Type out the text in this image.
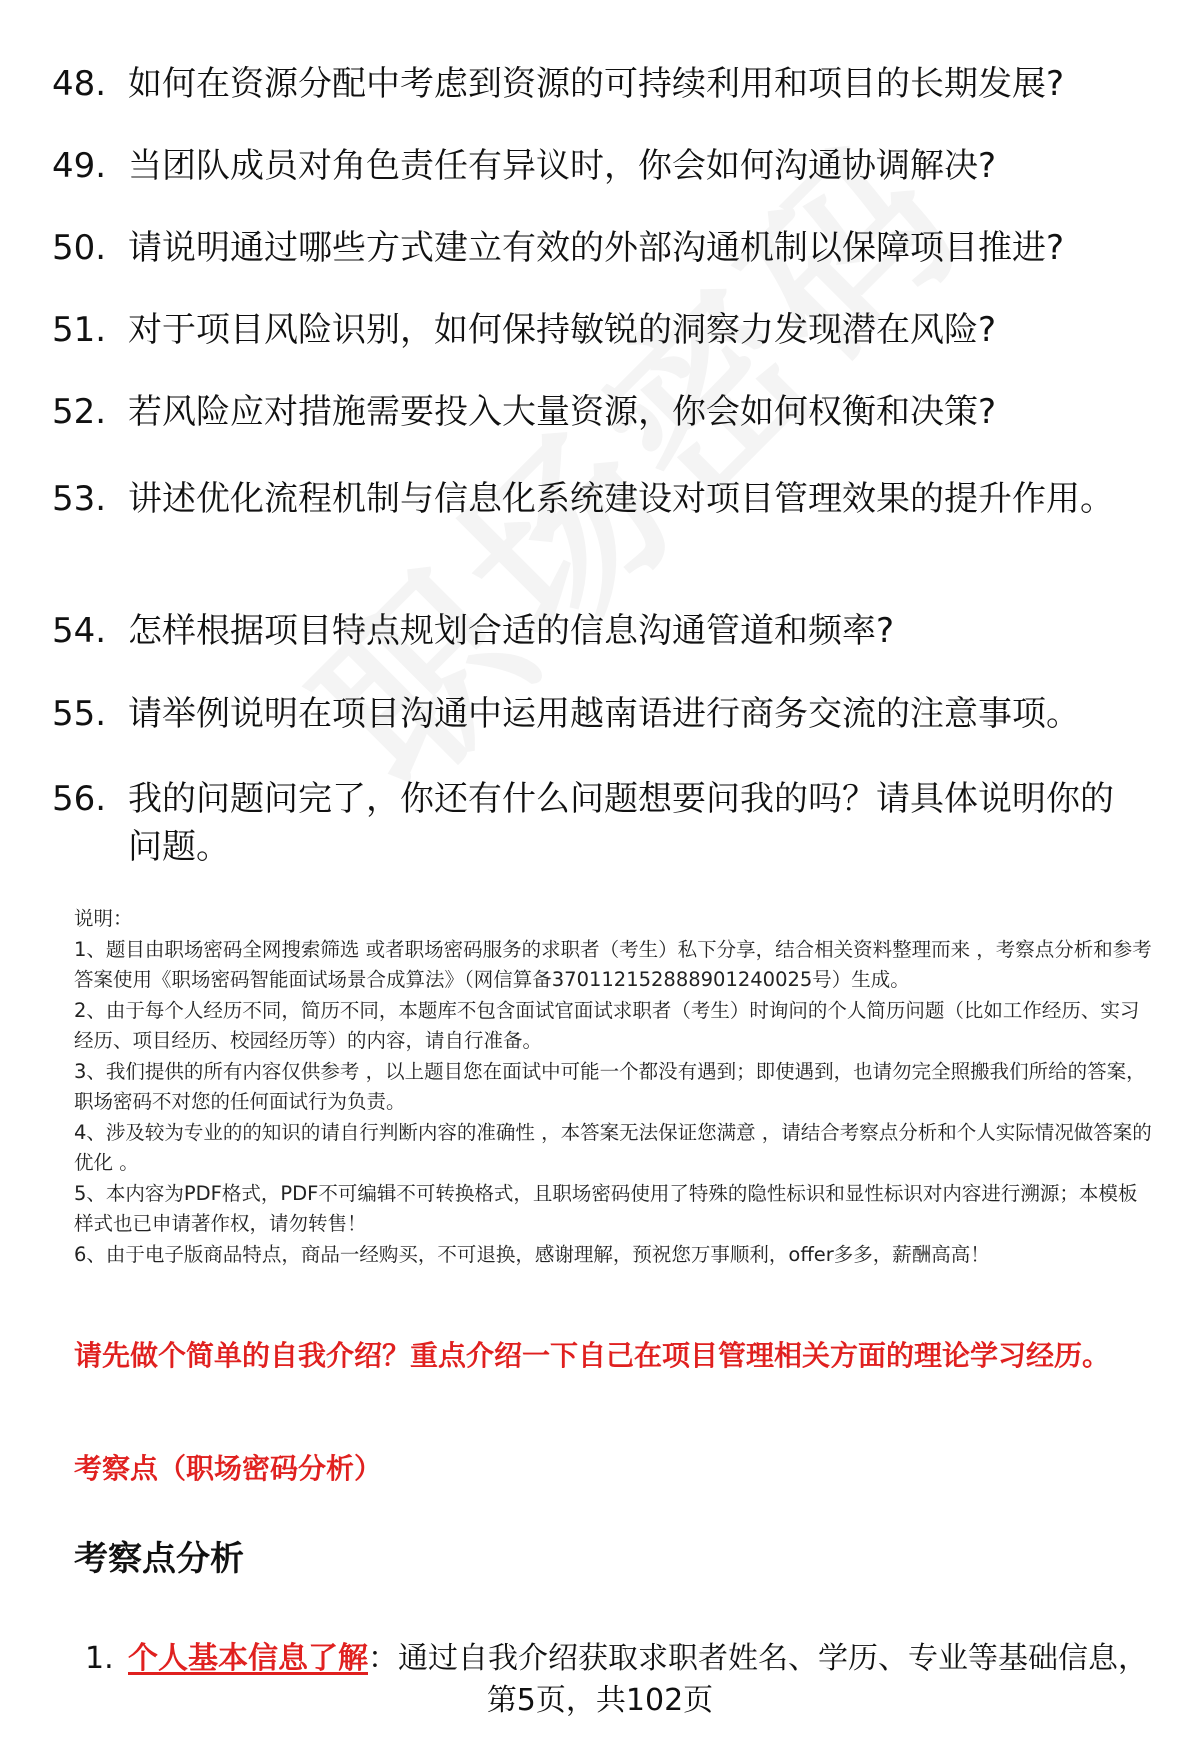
48. 如何在资源分配中考虑到资源的可持续利用和项目的长期发展?
49. 当团队成员对角色责任有异议时，你会如何沟通协调解决?
50. 请说明通过哪些方式建立有效的外部沟通机制以保障项目推进?
51. 对于项目风险识别，如何保持敏锐的洞察力发现潜在风险?
52. 若风险应对措施需要投入大量资源，你会如何权衡和决策?
53. 讲述优化流程机制与信息化系统建设对项目管理效果的提升作用。
54. 怎样根据项目特点规划合适的信息沟通管道和频率?
55. 请举例说明在项目沟通中运用越南语进行商务交流的注意事项。
56. 我的问题问完了，你还有什么问题想要问我的吗？请具体说明你的问题。
说明：
1、题目由职场密码全网搜索筛选 或者职场密码服务的求职者（考生）私下分享，结合相关资料整理而来 ，考察点分析和参考答案使用《职场密码智能面试场景合成算法》（网信算备370112152888901240025号）生成。
2、由于每个人经历不同，简历不同，本题库不包含面试官面试求职者（考生）时询问的个人简历问题（比如工作经历、实习经历、项目经历、校园经历等）的内容，请自行准备。
3、我们提供的所有内容仅供参考 ，以上题目您在面试中可能一个都没有遇到；即使遇到，也请勿完全照搬我们所给的答案，职场密码不对您的任何面试行为负责。
4、涉及较为专业的的知识的请自行判断内容的准确性 ，本答案无法保证您满意 ，请结合考察点分析和个人实际情况做答案的优化 。
5、本内容为PDF格式，PDF不可编辑不可转换格式，且职场密码使用了特殊的隐性标识和显性标识对内容进行溯源；本模板样式也已申请著作权，请勿转售！
6、由于电子版商品特点，商品一经购买，不可退换，感谢理解，预祝您万事顺利，offer多多，薪酬高高！
请先做个简单的自我介绍？重点介绍一下自己在项目管理相关方面的理论学习经历。
考察点（职场密码分析）
考察点分析
1. 个人基本信息了解：通过自我介绍获取求职者姓名、学历、专业等基础信息，
第5页，共102页
